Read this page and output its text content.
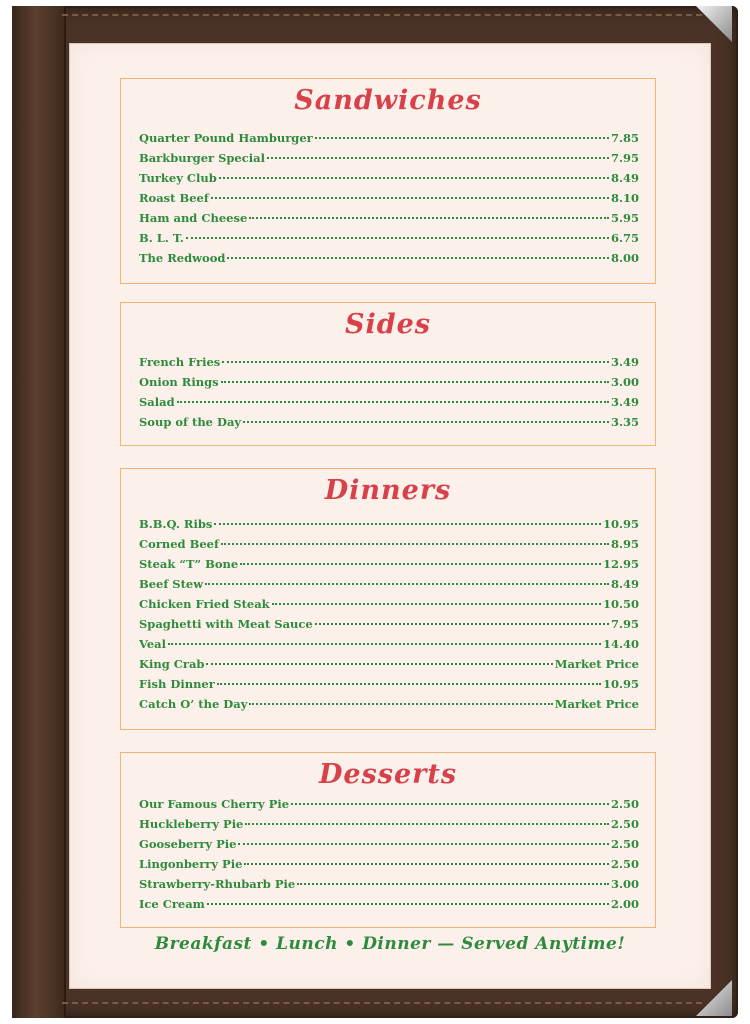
Sandwiches
Quarter Pound Hamburger	7.85
Barkburger Special	7.95
Turkey Club	8.49
Roast Beef	8.10
Ham and Cheese	5.95
B. L. T.	6.75
The Redwood	8.00
Sides
French Fries	3.49
Onion Rings	3.00
Salad	3.49
Soup of the Day	3.35
Dinners
B.B.Q. Ribs	10.95
Corned Beef	8.95
Steak “T” Bone	12.95
Beef Stew	8.49
Chicken Fried Steak	10.50
Spaghetti with Meat Sauce	7.95
Veal	14.40
King Crab	Market Price
Fish Dinner	10.95
Catch O’ the Day	Market Price
Desserts
Our Famous Cherry Pie	2.50
Huckleberry Pie	2.50
Gooseberry Pie	2.50
Lingonberry Pie	2.50
Strawberry-Rhubarb Pie	3.00
Ice Cream	2.00
Breakfast • Lunch • Dinner — Served Anytime!
